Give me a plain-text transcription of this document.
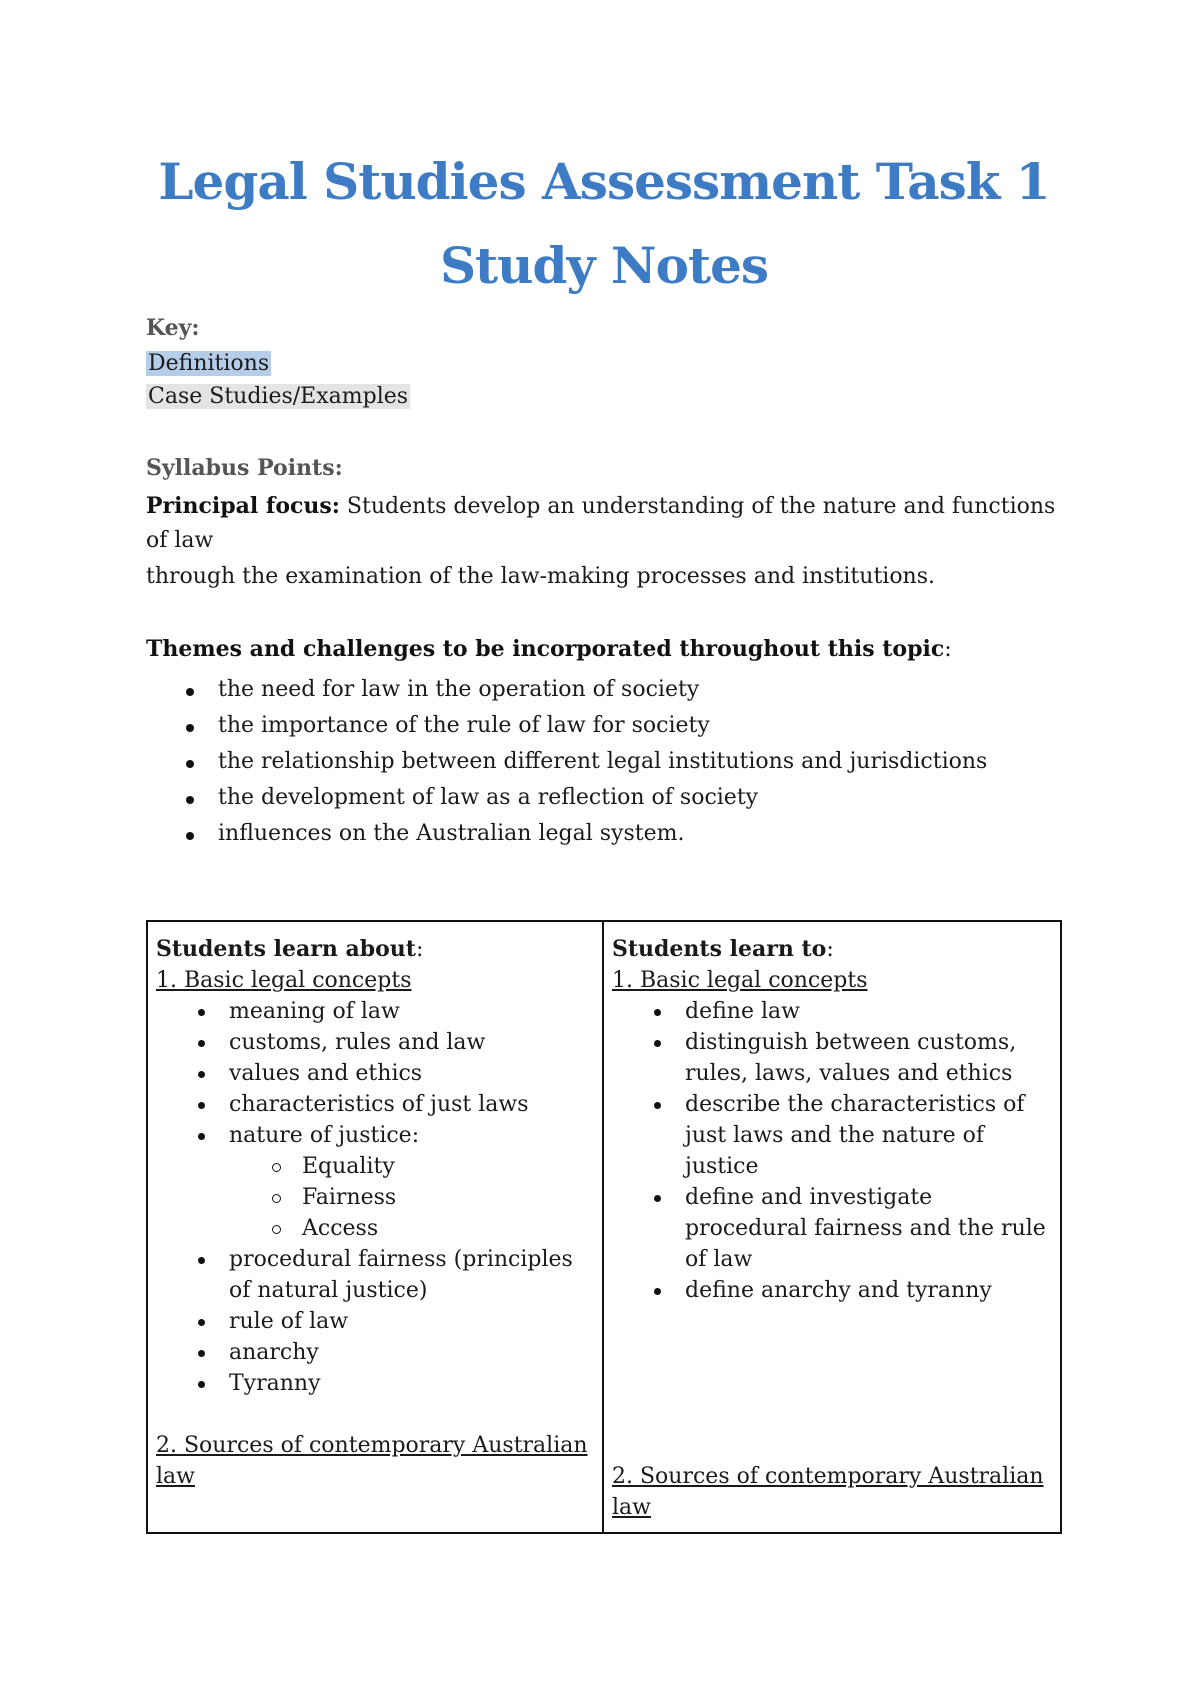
Legal Studies Assessment Task 1
Study Notes
Key:
Definitions
Case Studies/Examples
Syllabus Points:
Principal focus: Students develop an understanding of the nature and functions
of law
through the examination of the law-making processes and institutions.
Themes and challenges to be incorporated throughout this topic:
the need for law in the operation of society
the importance of the rule of law for society
the relationship between different legal institutions and jurisdictions
the development of law as a reflection of society
influences on the Australian legal system.
Students learn about:
1. Basic legal concepts
meaning of law
customs, rules and law
values and ethics
characteristics of just laws
nature of justice:
Equality
Fairness
Access
procedural fairness (principles
of natural justice)
rule of law
anarchy
Tyranny
2. Sources of contemporary Australian
law
Students learn to:
1. Basic legal concepts
define law
distinguish between customs,
rules, laws, values and ethics
describe the characteristics of
just laws and the nature of
justice
define and investigate
procedural fairness and the rule
of law
define anarchy and tyranny
2. Sources of contemporary Australian
law
